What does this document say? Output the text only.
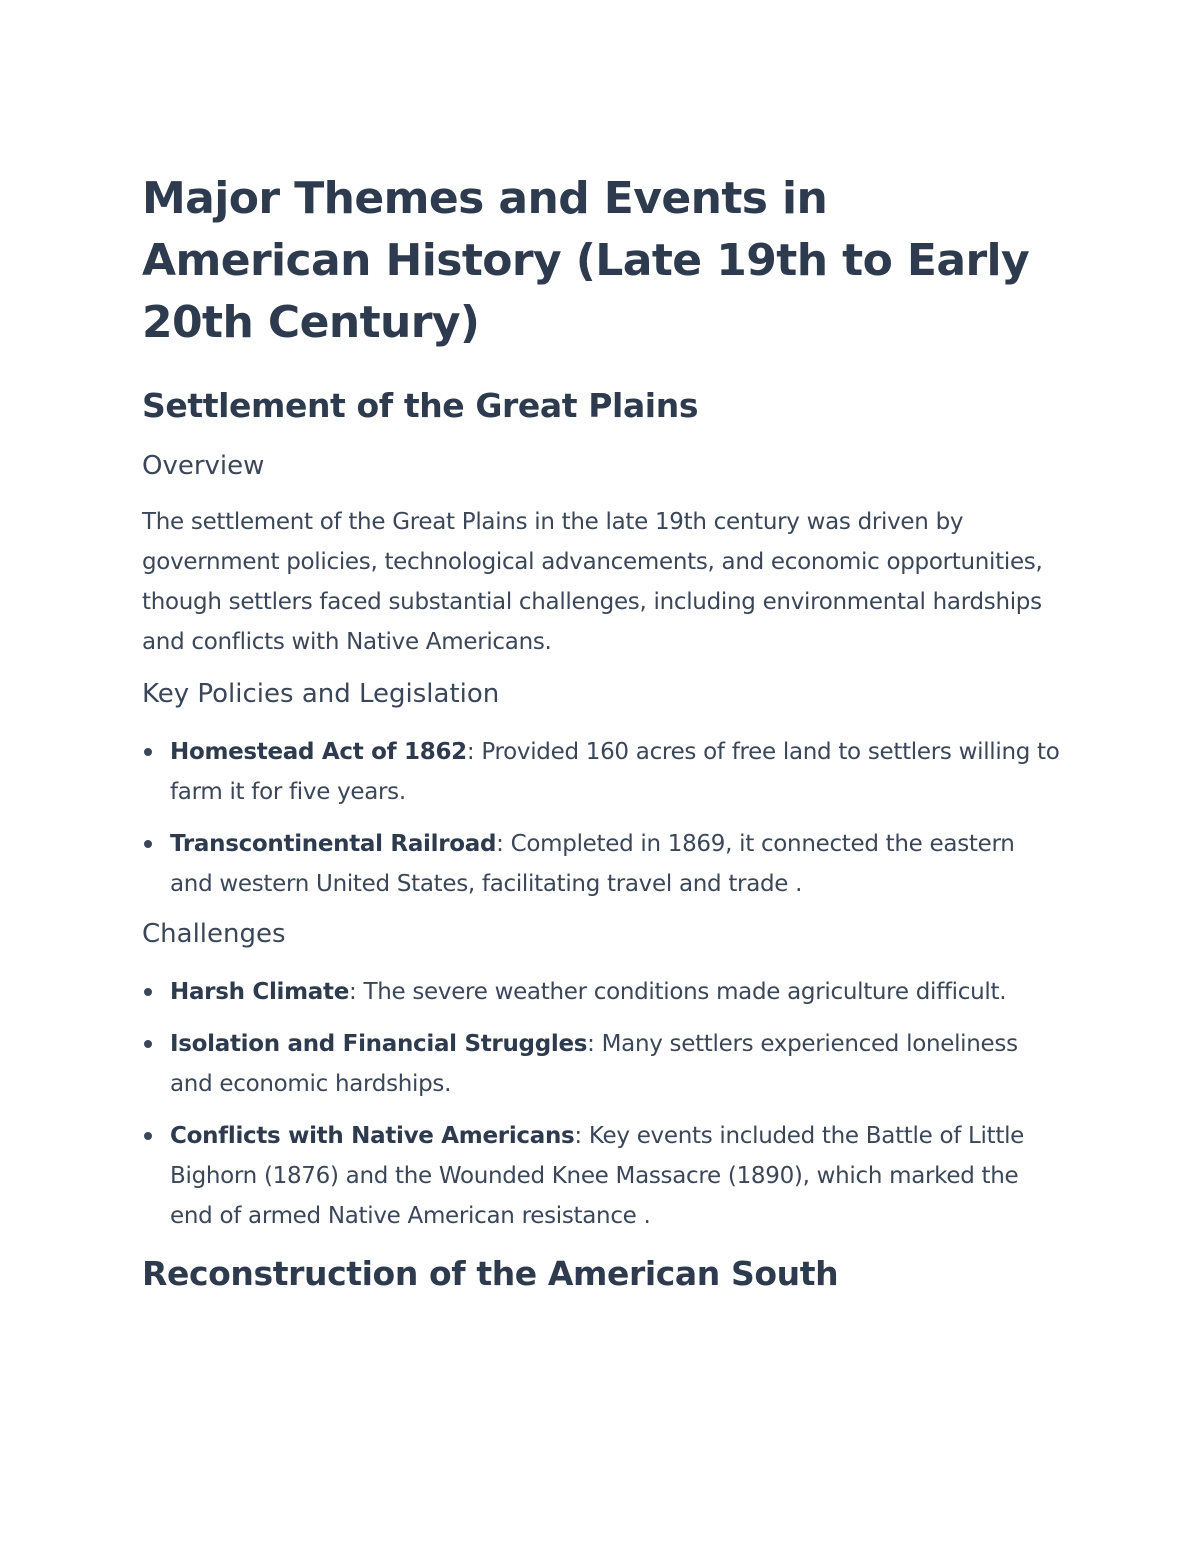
Major Themes and Events in American History (Late 19th to Early 20th Century)
Settlement of the Great Plains
Overview

The settlement of the Great Plains in the late 19th century was driven by government policies, technological advancements, and economic opportunities, though settlers faced substantial challenges, including environmental hardships and conflicts with Native Americans.

Key Policies and Legislation
Homestead Act of 1862: Provided 160 acres of free land to settlers willing to farm it for five years.
Transcontinental Railroad: Completed in 1869, it connected the eastern and western United States, facilitating travel and trade .
Challenges
Harsh Climate: The severe weather conditions made agriculture difficult.
Isolation and Financial Struggles: Many settlers experienced loneliness and economic hardships.
Conflicts with Native Americans: Key events included the Battle of Little Bighorn (1876) and the Wounded Knee Massacre (1890), which marked the end of armed Native American resistance .
Reconstruction of the American South
